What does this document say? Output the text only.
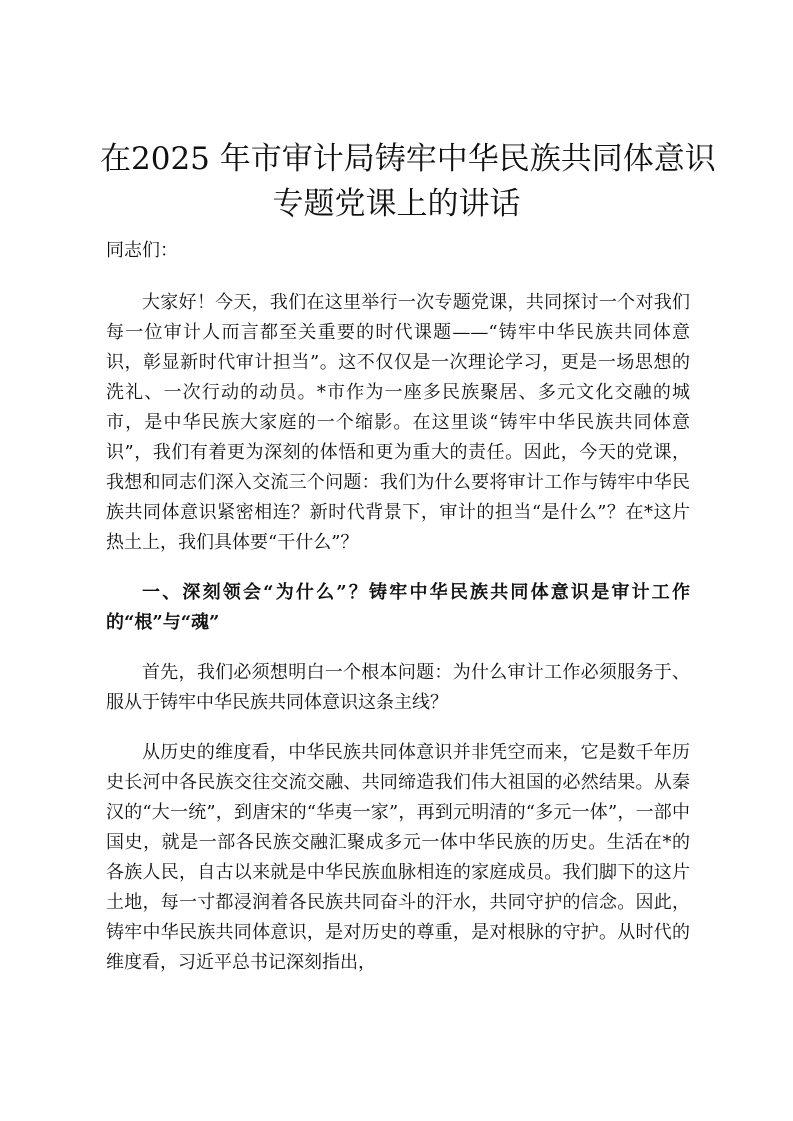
在2025 年市审计局铸牢中华民族共同体意识
专题党课上的讲话

同志们：

大家好！今天，我们在这里举行一次专题党课，共同探讨一个对我们每一位审计人而言都至关重要的时代课题——“铸牢中华民族共同体意识，彰显新时代审计担当”。这不仅仅是一次理论学习，更是一场思想的洗礼、一次行动的动员。*市作为一座多民族聚居、多元文化交融的城市，是中华民族大家庭的一个缩影。在这里谈“铸牢中华民族共同体意识”，我们有着更为深刻的体悟和更为重大的责任。因此，今天的党课，我想和同志们深入交流三个问题：我们为什么要将审计工作与铸牢中华民族共同体意识紧密相连？新时代背景下，审计的担当“是什么”？在*这片热土上，我们具体要“干什么”？

一、深刻领会“为什么”？铸牢中华民族共同体意识是审计工作的“根”与“魂”

首先，我们必须想明白一个根本问题：为什么审计工作必须服务于、服从于铸牢中华民族共同体意识这条主线？

从历史的维度看，中华民族共同体意识并非凭空而来，它是数千年历史长河中各民族交往交流交融、共同缔造我们伟大祖国的必然结果。从秦汉的“大一统”，到唐宋的“华夷一家”，再到元明清的“多元一体”，一部中国史，就是一部各民族交融汇聚成多元一体中华民族的历史。生活在*的各族人民，自古以来就是中华民族血脉相连的家庭成员。我们脚下的这片土地，每一寸都浸润着各民族共同奋斗的汗水，共同守护的信念。因此，铸牢中华民族共同体意识，是对历史的尊重，是对根脉的守护。从时代的维度看，习近平总书记深刻指出，
